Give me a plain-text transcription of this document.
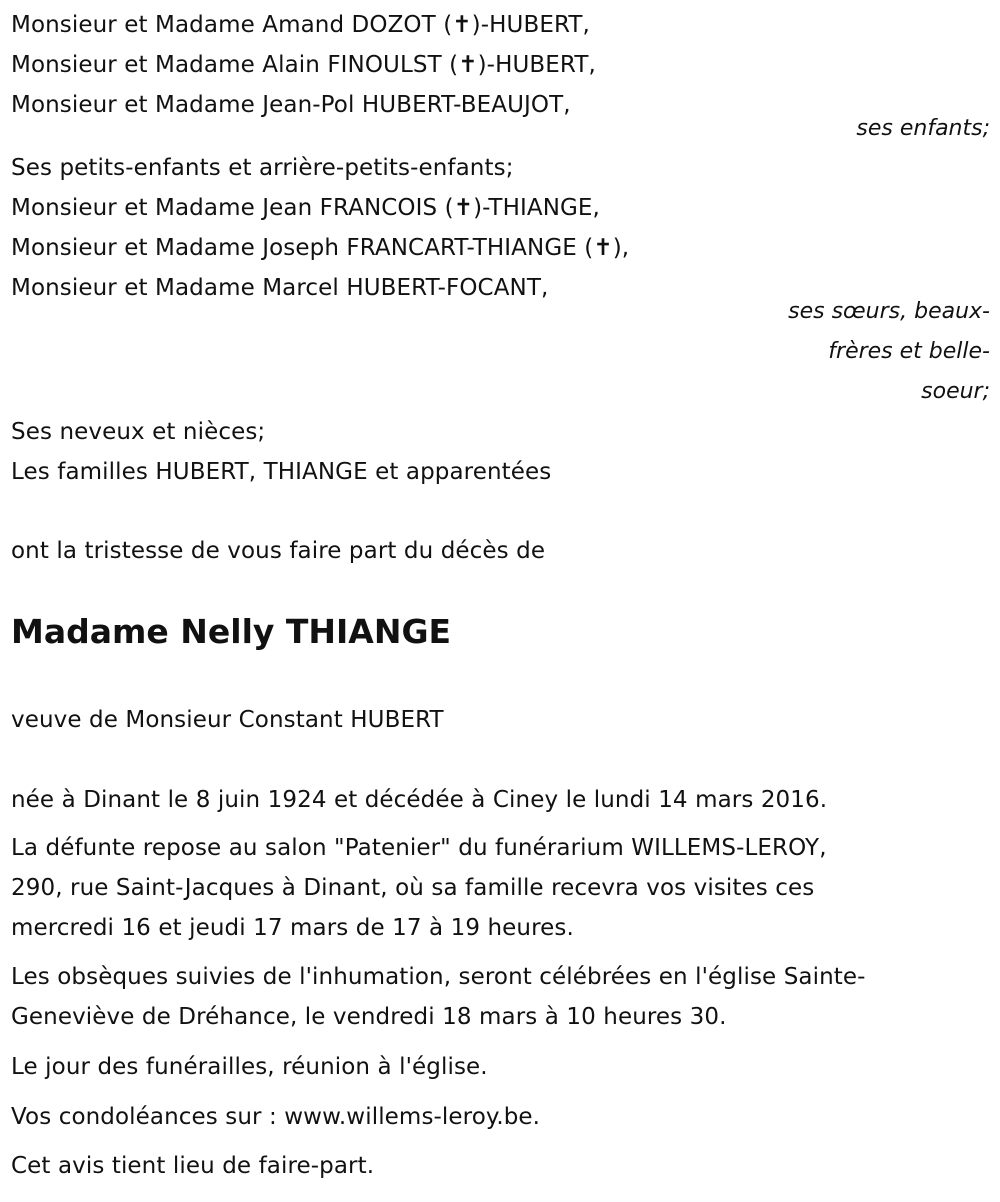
Monsieur et Madame Amand DOZOT (✝)-HUBERT,
Monsieur et Madame Alain FINOULST (✝)-HUBERT,
Monsieur et Madame Jean-Pol HUBERT-BEAUJOT,
ses enfants;
Ses petits-enfants et arrière-petits-enfants;
Monsieur et Madame Jean FRANCOIS (✝)-THIANGE,
Monsieur et Madame Joseph FRANCART-THIANGE (✝),
Monsieur et Madame Marcel HUBERT-FOCANT,
ses sœurs, beaux-
frères et belle-
soeur;
Ses neveux et nièces;
Les familles HUBERT, THIANGE et apparentées
ont la tristesse de vous faire part du décès de
Madame Nelly THIANGE
veuve de Monsieur Constant HUBERT
née à Dinant le 8 juin 1924 et décédée à Ciney le lundi 14 mars 2016.
La défunte repose au salon "Patenier" du funérarium WILLEMS-LEROY,
290, rue Saint-Jacques à Dinant, où sa famille recevra vos visites ces
mercredi 16 et jeudi 17 mars de 17 à 19 heures.
Les obsèques suivies de l'inhumation, seront célébrées en l'église Sainte-
Geneviève de Dréhance, le vendredi 18 mars à 10 heures 30.
Le jour des funérailles, réunion à l'église.
Vos condoléances sur : www.willems-leroy.be.
Cet avis tient lieu de faire-part.
